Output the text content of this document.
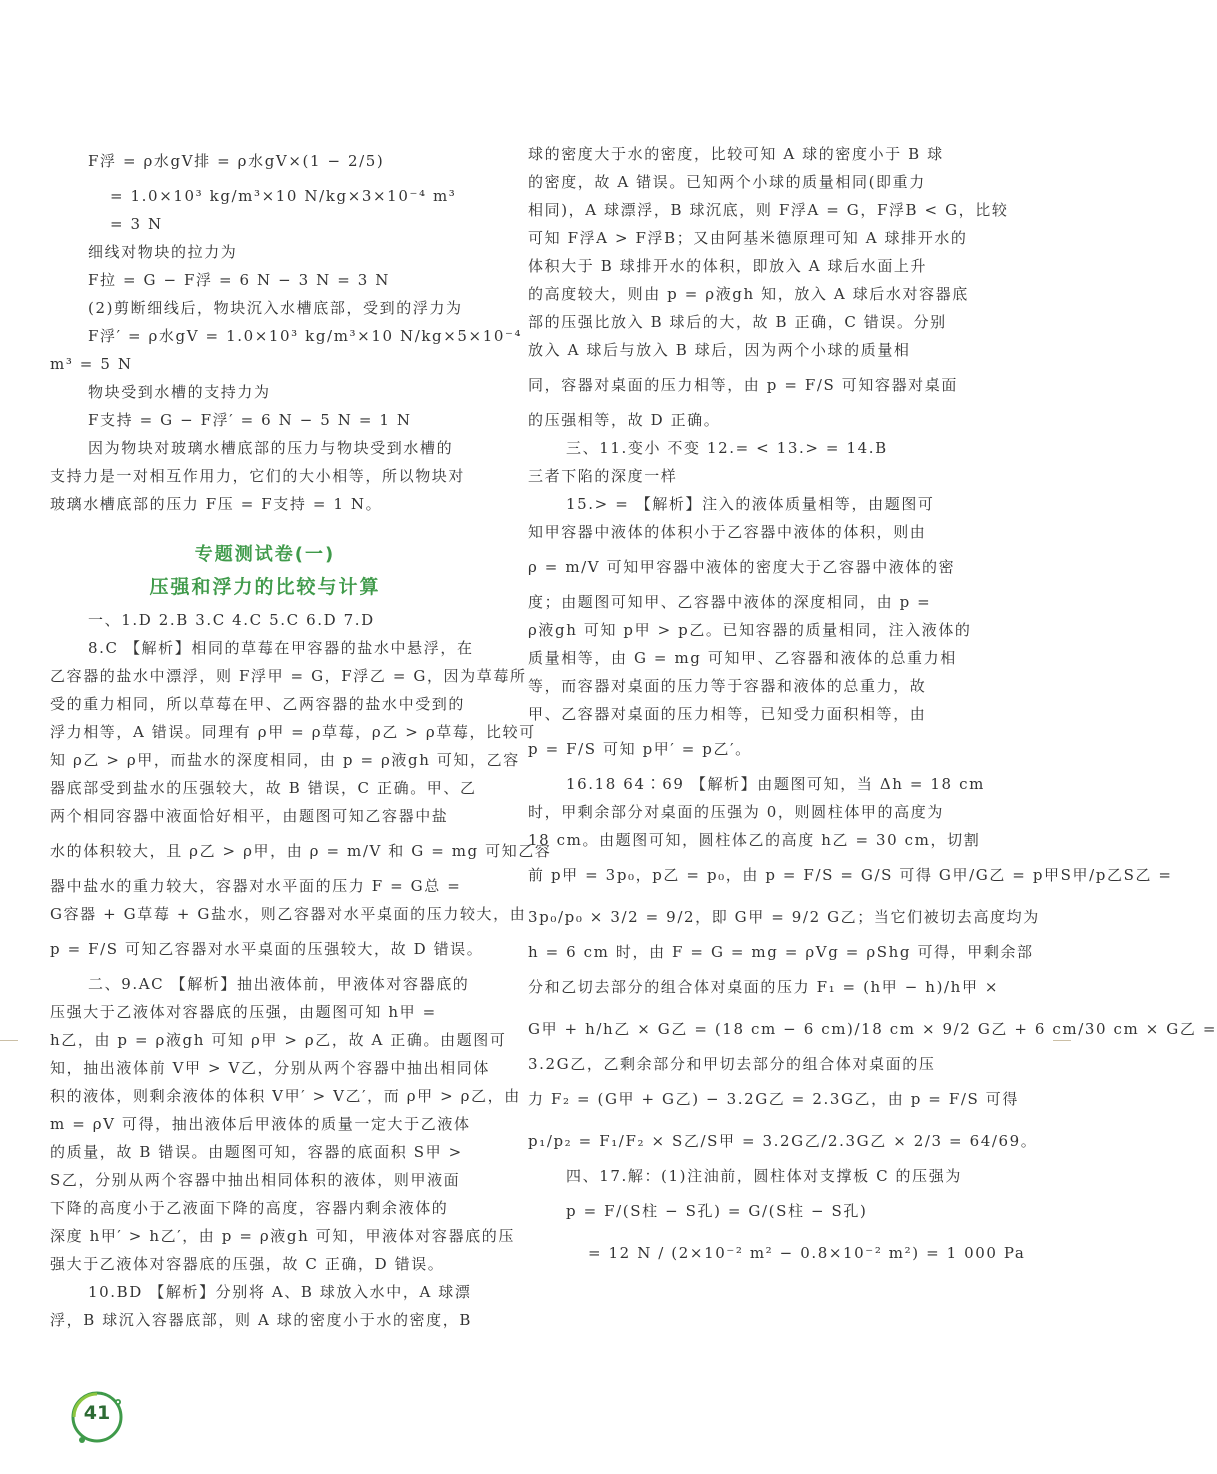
F浮 = ρ水gV排 = ρ水gV×(1 − 2/5)
= 1.0×10³ kg/m³×10 N/kg×3×10⁻⁴ m³
= 3 N
细线对物块的拉力为
F拉 = G − F浮 = 6 N − 3 N = 3 N
(2)剪断细线后，物块沉入水槽底部，受到的浮力为
F浮′ = ρ水gV = 1.0×10³ kg/m³×10 N/kg×5×10⁻⁴
m³ = 5 N
物块受到水槽的支持力为
F支持 = G − F浮′ = 6 N − 5 N = 1 N
因为物块对玻璃水槽底部的压力与物块受到水槽的
支持力是一对相互作用力，它们的大小相等，所以物块对
玻璃水槽底部的压力 F压 = F支持 = 1 N。
专题测试卷(一)
压强和浮力的比较与计算
一、1.D 2.B 3.C 4.C 5.C 6.D 7.D
8.C 【解析】相同的草莓在甲容器的盐水中悬浮，在
乙容器的盐水中漂浮，则 F浮甲 = G，F浮乙 = G，因为草莓所
受的重力相同，所以草莓在甲、乙两容器的盐水中受到的
浮力相等，A 错误。同理有 ρ甲 = ρ草莓，ρ乙 > ρ草莓，比较可
知 ρ乙 > ρ甲，而盐水的深度相同，由 p = ρ液gh 可知，乙容
器底部受到盐水的压强较大，故 B 错误，C 正确。甲、乙
两个相同容器中液面恰好相平，由题图可知乙容器中盐
水的体积较大，且 ρ乙 > ρ甲，由 ρ = m/V 和 G = mg 可知乙容
器中盐水的重力较大，容器对水平面的压力 F = G总 =
G容器 + G草莓 + G盐水，则乙容器对水平桌面的压力较大，由
p = F/S 可知乙容器对水平桌面的压强较大，故 D 错误。
二、9.AC 【解析】抽出液体前，甲液体对容器底的
压强大于乙液体对容器底的压强，由题图可知 h甲 =
h乙，由 p = ρ液gh 可知 ρ甲 > ρ乙，故 A 正确。由题图可
知，抽出液体前 V甲 > V乙，分别从两个容器中抽出相同体
积的液体，则剩余液体的体积 V甲′ > V乙′，而 ρ甲 > ρ乙，由
m = ρV 可得，抽出液体后甲液体的质量一定大于乙液体
的质量，故 B 错误。由题图可知，容器的底面积 S甲 >
S乙，分别从两个容器中抽出相同体积的液体，则甲液面
下降的高度小于乙液面下降的高度，容器内剩余液体的
深度 h甲′ > h乙′，由 p = ρ液gh 可知，甲液体对容器底的压
强大于乙液体对容器底的压强，故 C 正确，D 错误。
10.BD 【解析】分别将 A、B 球放入水中，A 球漂
浮，B 球沉入容器底部，则 A 球的密度小于水的密度，B
球的密度大于水的密度，比较可知 A 球的密度小于 B 球
的密度，故 A 错误。已知两个小球的质量相同(即重力
相同)，A 球漂浮，B 球沉底，则 F浮A = G，F浮B < G，比较
可知 F浮A > F浮B；又由阿基米德原理可知 A 球排开水的
体积大于 B 球排开水的体积，即放入 A 球后水面上升
的高度较大，则由 p = ρ液gh 知，放入 A 球后水对容器底
部的压强比放入 B 球后的大，故 B 正确，C 错误。分别
放入 A 球后与放入 B 球后，因为两个小球的质量相
同，容器对桌面的压力相等，由 p = F/S 可知容器对桌面
的压强相等，故 D 正确。
三、11.变小 不变 12.= < 13.> = 14.B
三者下陷的深度一样
15.> = 【解析】注入的液体质量相等，由题图可
知甲容器中液体的体积小于乙容器中液体的体积，则由
ρ = m/V 可知甲容器中液体的密度大于乙容器中液体的密
度；由题图可知甲、乙容器中液体的深度相同，由 p =
ρ液gh 可知 p甲 > p乙。已知容器的质量相同，注入液体的
质量相等，由 G = mg 可知甲、乙容器和液体的总重力相
等，而容器对桌面的压力等于容器和液体的总重力，故
甲、乙容器对桌面的压力相等，已知受力面积相等，由
p = F/S 可知 p甲′ = p乙′。
16.18 64∶69 【解析】由题图可知，当 Δh = 18 cm
时，甲剩余部分对桌面的压强为 0，则圆柱体甲的高度为
18 cm。由题图可知，圆柱体乙的高度 h乙 = 30 cm，切割
前 p甲 = 3p₀，p乙 = p₀，由 p = F/S = G/S 可得 G甲/G乙 = p甲S甲/p乙S乙 =
3p₀/p₀ × 3/2 = 9/2，即 G甲 = 9/2 G乙；当它们被切去高度均为
h = 6 cm 时，由 F = G = mg = ρVg = ρShg 可得，甲剩余部
分和乙切去部分的组合体对桌面的压力 F₁ = (h甲 − h)/h甲 ×
G甲 + h/h乙 × G乙 = (18 cm − 6 cm)/18 cm × 9/2 G乙 + 6 cm/30 cm × G乙 =
3.2G乙，乙剩余部分和甲切去部分的组合体对桌面的压
力 F₂ = (G甲 + G乙) − 3.2G乙 = 2.3G乙，由 p = F/S 可得
p₁/p₂ = F₁/F₂ × S乙/S甲 = 3.2G乙/2.3G乙 × 2/3 = 64/69。
四、17.解：(1)注油前，圆柱体对支撑板 C 的压强为
p = F/(S柱 − S孔) = G/(S柱 − S孔)
= 12 N / (2×10⁻² m² − 0.8×10⁻² m²) = 1 000 Pa
41
